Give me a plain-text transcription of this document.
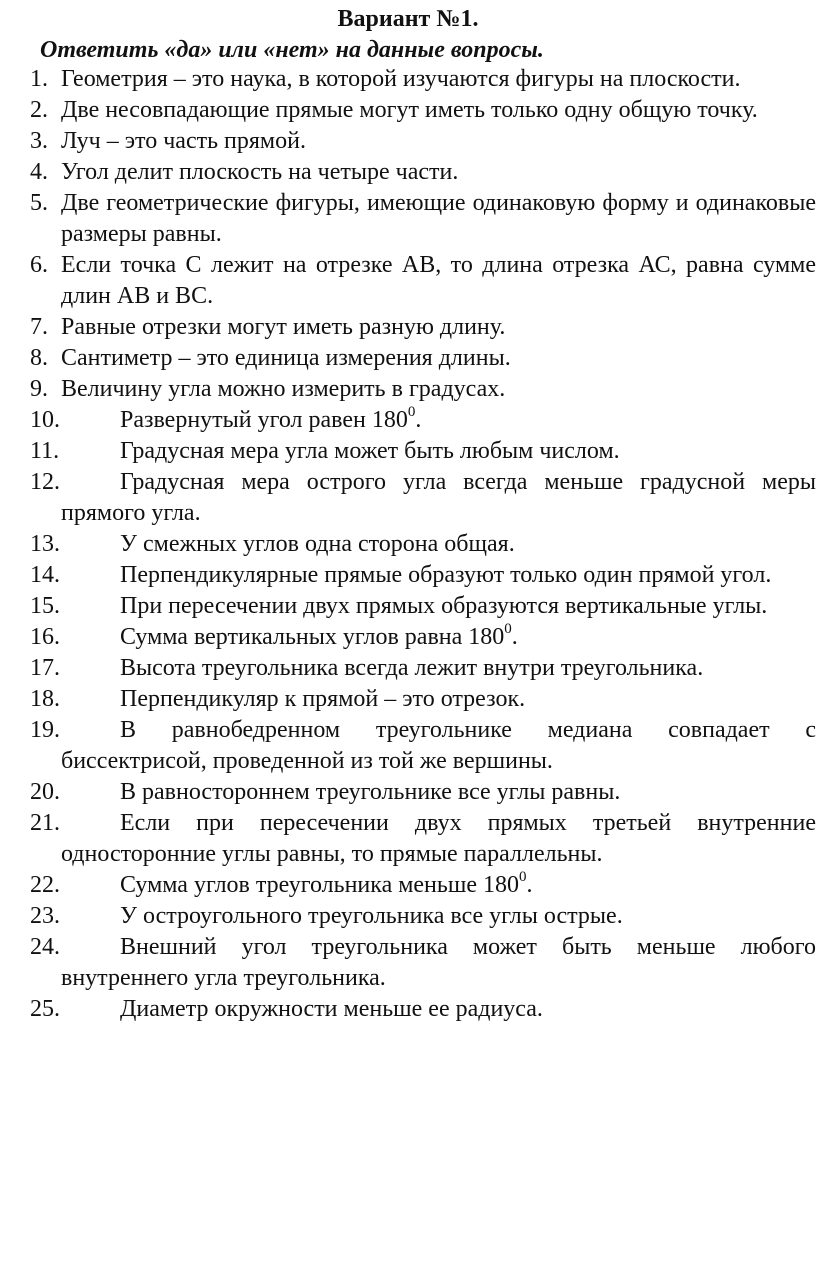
Вариант №1.

Ответить «да» или «нет» на данные вопросы.

1. Геометрия – это наука, в которой изучаются фигуры на плоскости.
2. Две несовпадающие прямые могут иметь только одну общую точку.
3. Луч – это часть прямой.
4. Угол делит плоскость на четыре части.
5. Две геометрические фигуры, имеющие одинаковую форму и одинаковые размеры равны.
6. Если точка С лежит на отрезке АВ, то длина отрезка АС, равна сумме длин АВ и ВС.
7. Равные отрезки могут иметь разную длину.
8. Сантиметр – это единица измерения длины.
9. Величину угла можно измерить в градусах.
10.	Развернутый угол равен $180^0$.
11.	Градусная мера угла может быть любым числом.
12.	Градусная мера острого угла всегда меньше градусной меры прямого угла.
13.	У смежных углов одна сторона общая.
14.	Перпендикулярные прямые образуют только один прямой угол.
15.	При пересечении двух прямых образуются вертикальные углы.
16.	Сумма вертикальных углов равна $180^0$.
17.	Высота треугольника всегда лежит внутри треугольника.
18.	Перпендикуляр к прямой – это отрезок.
19.	В равнобедренном треугольнике медиана совпадает с биссектрисой, проведенной из той же вершины.
20.	В равностороннем треугольнике все углы равны.
21.	Если при пересечении двух прямых третьей внутренние односторонние углы равны, то прямые параллельны.
22.	Сумма углов треугольника меньше $180^0$.
23.	У остроугольного треугольника все углы острые.
24.	Внешний угол треугольника может быть меньше любого внутреннего угла треугольника.
25.	Диаметр окружности меньше ее радиуса.
